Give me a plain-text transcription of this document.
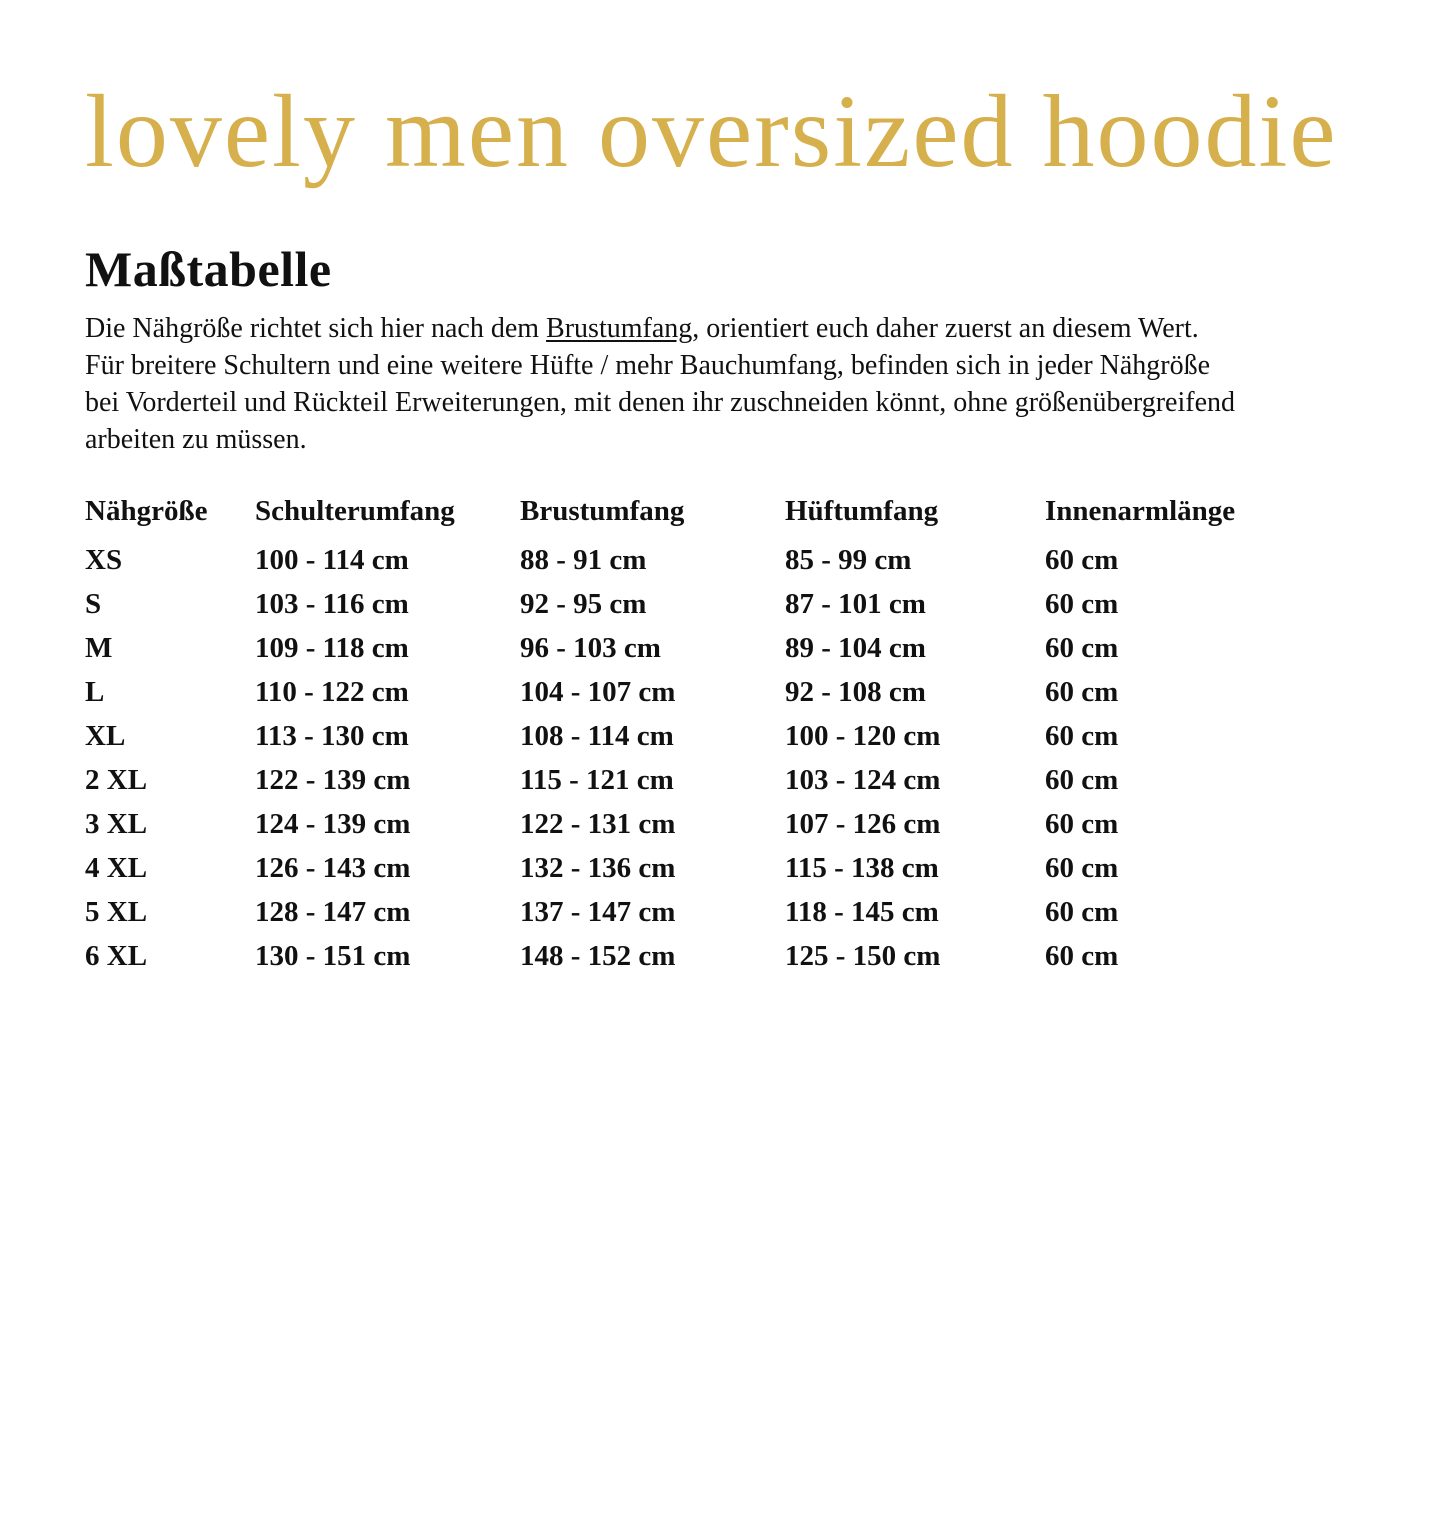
lovely men oversized hoodie
Maßtabelle

Die Nähgröße richtet sich hier nach dem Brustumfang, orientiert euch daher zuerst an diesem Wert.
Für breitere Schultern und eine weitere Hüfte / mehr Bauchumfang, befinden sich in jeder Nähgröße
bei Vorderteil und Rückteil Erweiterungen, mit denen ihr zuschneiden könnt, ohne größenübergreifend
arbeiten zu müssen.

Nähgröße	Schulterumfang	Brustumfang	Hüftumfang	Innenarmlänge
XS	100 - 114 cm	88 - 91 cm	85 - 99 cm	60 cm
S	103 - 116 cm	92 - 95 cm	87 - 101 cm	60 cm
M	109 - 118 cm	96 - 103 cm	89 - 104 cm	60 cm
L	110 - 122 cm	104 - 107 cm	92 - 108 cm	60 cm
XL	113 - 130 cm	108 - 114 cm	100 - 120 cm	60 cm
2 XL	122 - 139 cm	115 - 121 cm	103 - 124 cm	60 cm
3 XL	124 - 139 cm	122 - 131 cm	107 - 126 cm	60 cm
4 XL	126 - 143 cm	132 - 136 cm	115 - 138 cm	60 cm
5 XL	128 - 147 cm	137 - 147 cm	118 - 145 cm	60 cm
6 XL	130 - 151 cm	148 - 152 cm	125 - 150 cm	60 cm
